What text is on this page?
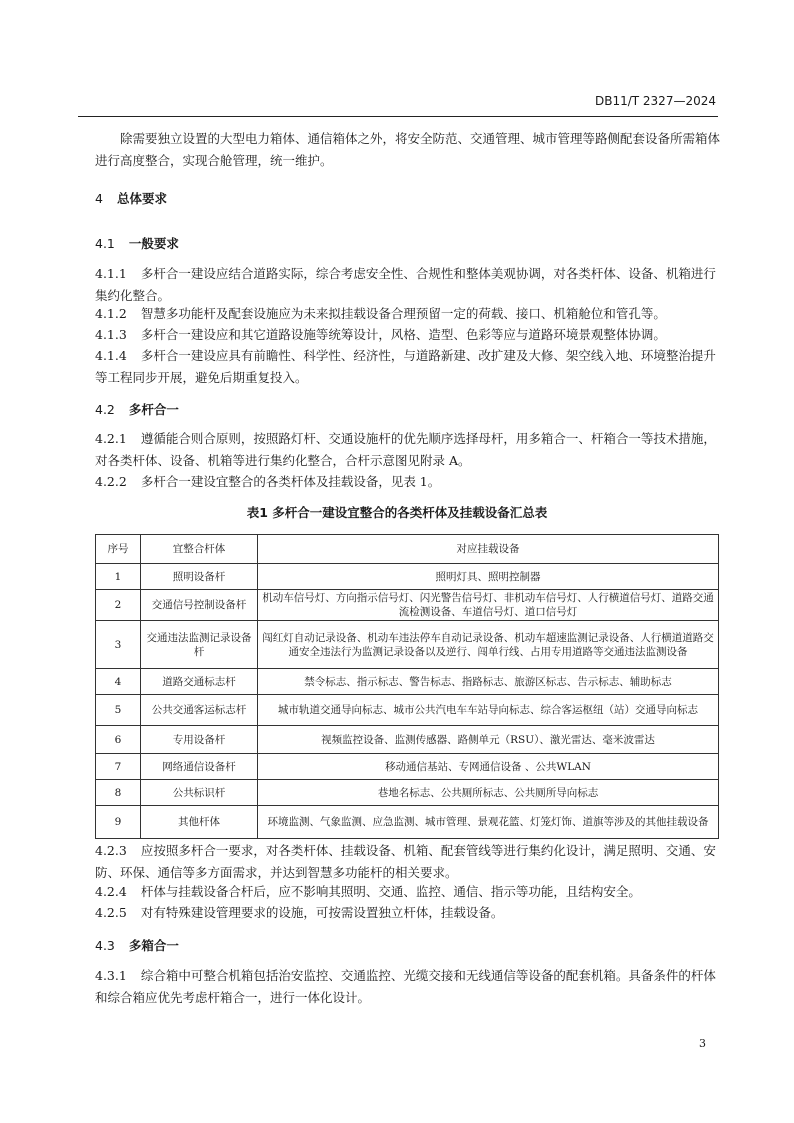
DB11/T 2327—2024

除需要独立设置的大型电力箱体、通信箱体之外，将安全防范、交通管理、城市管理等路侧配套设备所需箱体进行高度整合，实现合舱管理，统一维护。

4 总体要求
4.1 一般要求

4.1.1 多杆合一建设应结合道路实际，综合考虑安全性、合规性和整体美观协调，对各类杆体、设备、机箱进行集约化整合。

4.1.2 智慧多功能杆及配套设施应为未来拟挂载设备合理预留一定的荷载、接口、机箱舱位和管孔等。

4.1.3 多杆合一建设应和其它道路设施等统筹设计，风格、造型、色彩等应与道路环境景观整体协调。

4.1.4 多杆合一建设应具有前瞻性、科学性、经济性，与道路新建、改扩建及大修、架空线入地、环境整治提升等工程同步开展，避免后期重复投入。

4.2 多杆合一

4.2.1 遵循能合则合原则，按照路灯杆、交通设施杆的优先顺序选择母杆，用多箱合一、杆箱合一等技术措施，对各类杆体、设备、机箱等进行集约化整合，合杆示意图见附录 A。

4.2.2 多杆合一建设宜整合的各类杆体及挂载设备，见表 1。

表1 多杆合一建设宜整合的各类杆体及挂载设备汇总表
序号	宜整合杆体	对应挂载设备
1	照明设备杆	照明灯具、照明控制器
2	交通信号控制设备杆	机动车信号灯、方向指示信号灯、闪光警告信号灯、非机动车信号灯、人行横道信号灯、道路交通流检测设备、车道信号灯、道口信号灯
3	交通违法监测记录设备杆	闯红灯自动记录设备、机动车违法停车自动记录设备、机动车超速监测记录设备、人行横道道路交通安全违法行为监测记录设备以及逆行、闯单行线、占用专用道路等交通违法监测设备
4	道路交通标志杆	禁令标志、指示标志、警告标志、指路标志、旅游区标志、告示标志、辅助标志
5	公共交通客运标志杆	城市轨道交通导向标志、城市公共汽电车车站导向标志、综合客运枢纽（站）交通导向标志
6	专用设备杆	视频监控设备、监测传感器、路侧单元（RSU）、激光雷达、毫米波雷达
7	网络通信设备杆	移动通信基站、专网通信设备 、公共WLAN
8	公共标识杆	巷地名标志、公共厕所标志、公共厕所导向标志
9	其他杆体	环境监测、气象监测、应急监测、城市管理、景观花篮、灯笼灯饰、道旗等涉及的其他挂载设备

4.2.3 应按照多杆合一要求，对各类杆体、挂载设备、机箱、配套管线等进行集约化设计，满足照明、交通、安防、环保、通信等多方面需求，并达到智慧多功能杆的相关要求。

4.2.4 杆体与挂载设备合杆后，应不影响其照明、交通、监控、通信、指示等功能，且结构安全。

4.2.5 对有特殊建设管理要求的设施，可按需设置独立杆体，挂载设备。

4.3 多箱合一

4.3.1 综合箱中可整合机箱包括治安监控、交通监控、光缆交接和无线通信等设备的配套机箱。具备条件的杆体和综合箱应优先考虑杆箱合一，进行一体化设计。

3
